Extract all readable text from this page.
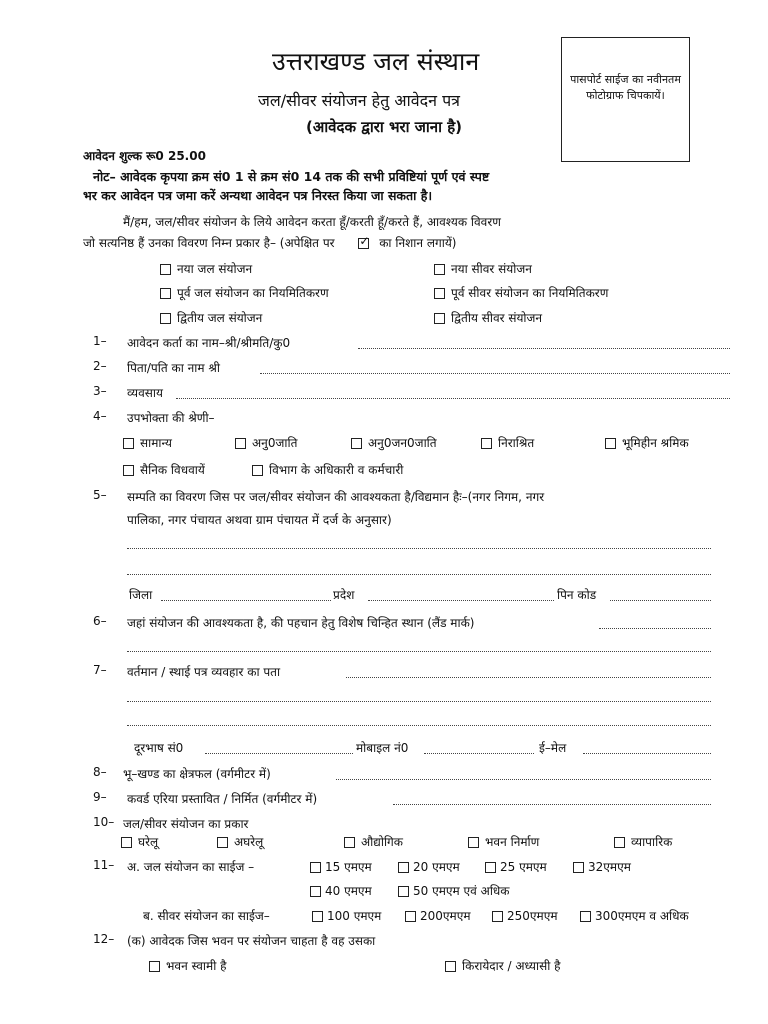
उत्तराखण्ड जल संस्थान
जल/सीवर संयोजन हेतु आवेदन पत्र
(आवेदक द्वारा भरा जाना है)
पासपोर्ट साईज का नवीनतम फोटोग्राफ चिपकायें।
आवेदन शुल्क रू0 25.00
नोट– आवेदक कृपया क्रम सं0 1 से क्रम सं0 14 तक की सभी प्रविष्टियां पूर्ण एवं स्पष्ट
भर कर आवेदन पत्र जमा करें अन्यथा आवेदन पत्र निरस्त किया जा सकता है।
मैं/हम, जल/सीवर संयोजन के लिये आवेदन करता हूँ/करती हूँ/करते हैं, आवश्यक विवरण
जो सत्यनिष्ठ हैं उनका विवरण निम्न प्रकार है– (अपेक्षित पर ✓	का निशान लगायें)
नया जल संयोजन	नया सीवर संयोजन
पूर्व जल संयोजन का नियमितिकरण	पूर्व सीवर संयोजन का नियमितिकरण
द्वितीय जल संयोजन	द्वितीय सीवर संयोजन
1– आवेदन कर्ता का नाम–श्री/श्रीमति/कु0
2– पिता/पति का नाम श्री
3– व्यवसाय
4– उपभोक्ता की श्रेणी–
सामान्य	अनु0जाति	अनु0जन0जाति	निराश्रित	भूमिहीन श्रमिक
सैनिक विधवायें	विभाग के अधिकारी व कर्मचारी
5– सम्पति का विवरण जिस पर जल/सीवर संयोजन की आवश्यकता है/विद्यमान हैः–(नगर निगम, नगर
पालिका, नगर पंचायत अथवा ग्राम पंचायत में दर्ज के अनुसार)
जिला	प्रदेश	पिन कोड
6– जहां संयोजन की आवश्यकता है, की पहचान हेतु विशेष चिन्हित स्थान (लैंड मार्क)
7– वर्तमान / स्थाई पत्र व्यवहार का पता
दूरभाष सं0	मोबाइल नं0	ई–मेल
8– भू–खण्ड का क्षेत्रफल (वर्गमीटर में)
9– कवर्ड एरिया प्रस्तावित / निर्मित (वर्गमीटर में)
10– जल/सीवर संयोजन का प्रकार
घरेलू	अघरेलू	औद्योगिक	भवन निर्माण	व्यापारिक
11– अ. जल संयोजन का साईज –	15 एमएम	20 एमएम	25 एमएम	32एमएम
40 एमएम	50 एमएम एवं अधिक
ब. सीवर संयोजन का साईज–	100 एमएम	200एमएम	250एमएम	300एमएम व अधिक
12– (क) आवेदक जिस भवन पर संयोजन चाहता है वह उसका
भवन स्वामी है	किरायेदार / अध्यासी है
